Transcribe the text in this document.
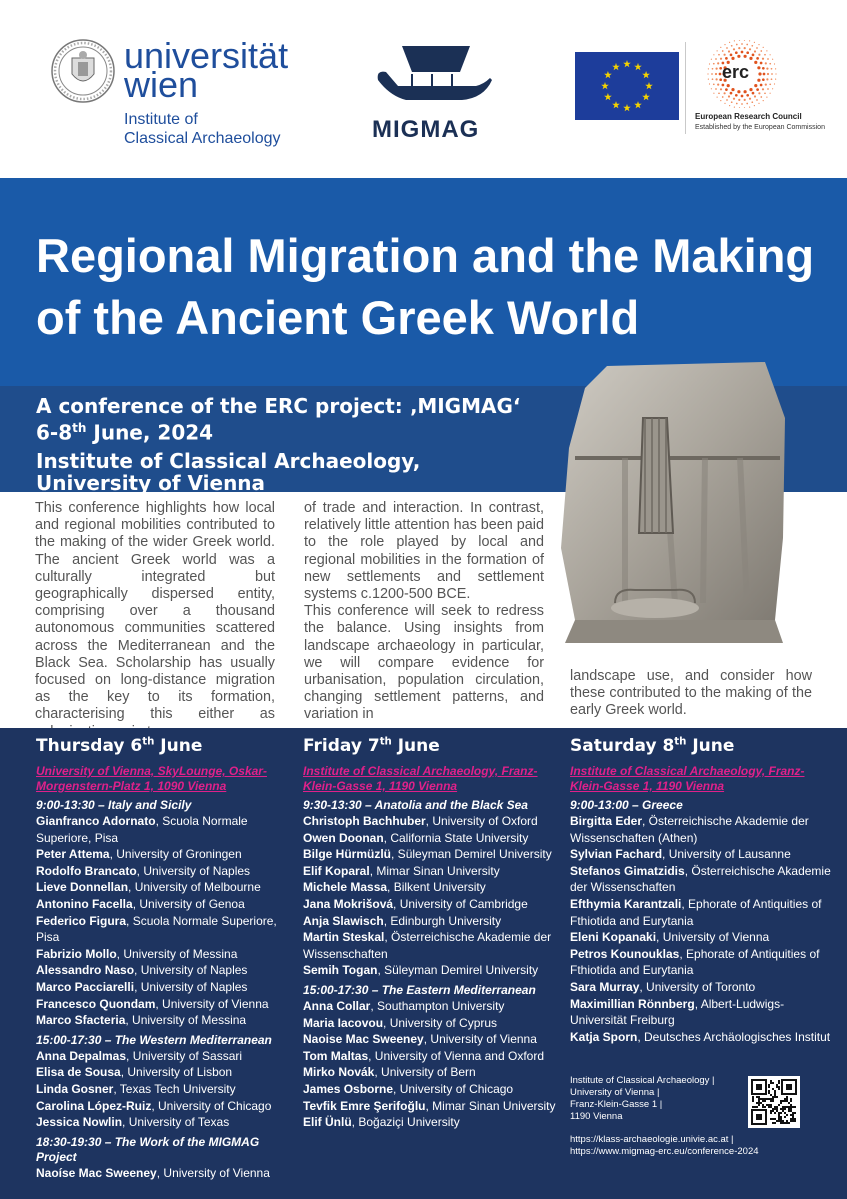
universität
wien
Institute of
Classical Archaeology	MIGMAG
erc
European Research Council
Established by the European Commission
Regional Migration and the Making
of the Ancient Greek World
A conference of the ERC project: ‚MIGMAG‘
6-8th June, 2024
Institute of Classical Archaeology,
University of Vienna

This conference highlights how local and regional mobilities contributed to the making of the wider Greek world. The ancient Greek world was a culturally integrated but geographically dispersed entity, comprising over a thousand autonomous communities scattered across the Mediterranean and the Black Sea. Scholarship has usually focused on long-distance migration as the key to its formation, characterising this either as

of trade and interaction. In contrast, relatively little attention has been paid to the role played by local and regional mobilities in the formation of new settlements and settlement systems c.1200-500 BCE.

This conference will seek to redress the balance. Using insights from landscape archaeology in particular, we will compare evidence for urbanisation, population circulation, changing settlement patterns, and variation in

landscape use, and consider how these contributed to the making of the early Greek world.

Thursday 6th June
University of Vienna, SkyLounge, Oskar-Morgenstern-Platz 1, 1090 Vienna
9:00-13:30 – Italy and Sicily
Gianfranco Adornato, Scuola Normale Superiore, Pisa
Peter Attema, University of Groningen
Rodolfo Brancato, University of Naples
Lieve Donnellan, University of Melbourne
Antonino Facella, University of Genoa
Federico Figura, Scuola Normale Superiore, Pisa
Fabrizio Mollo, University of Messina
Alessandro Naso, University of Naples
Marco Pacciarelli, University of Naples
Francesco Quondam, University of Vienna
Marco Sfacteria, University of Messina
15:00-17:30 – The Western Mediterranean
Anna Depalmas, University of Sassari
Elisa de Sousa, University of Lisbon
Linda Gosner, Texas Tech University
Carolina López-Ruiz, University of Chicago
Jessica Nowlin, University of Texas
18:30-19:30 – The Work of the MIGMAG Project
Naoíse Mac Sweeney, University of Vienna
Friday 7th June
Institute of Classical Archaeology, Franz-Klein-Gasse 1, 1190 Vienna
9:30-13:30 – Anatolia and the Black Sea
Christoph Bachhuber, University of Oxford
Owen Doonan, California State University
Bilge Hürmüzlü, Süleyman Demirel University
Elif Koparal, Mimar Sinan University
Michele Massa, Bilkent University
Jana Mokrišová, University of Cambridge
Anja Slawisch, Edinburgh University
Martin Steskal, Österreichische Akademie der Wissenschaften
Semih Togan, Süleyman Demirel University
15:00-17:30 – The Eastern Mediterranean
Anna Collar, Southampton University
Maria Iacovou, University of Cyprus
Naoise Mac Sweeney, University of Vienna
Tom Maltas, University of Vienna and Oxford
Mirko Novák, University of Bern
James Osborne, University of Chicago
Tevfik Emre Şerifoğlu, Mimar Sinan University
Elif Ünlü, Boğaziçi University
Saturday 8th June
Institute of Classical Archaeology, Franz-Klein-Gasse 1, 1190 Vienna
9:00-13:00 – Greece
Birgitta Eder, Österreichische Akademie der Wissenschaften (Athen)
Sylvian Fachard, University of Lausanne
Stefanos Gimatzidis, Österreichische Akademie der Wissenschaften
Efthymia Karantzali, Ephorate of Antiquities of Fthiotida and Eurytania
Eleni Kopanaki, University of Vienna
Petros Kounouklas, Ephorate of Antiquities of Fthiotida and Eurytania
Sara Murray, University of Toronto
Maximillian Rönnberg, Albert-Ludwigs-Universität Freiburg
Katja Sporn, Deutsches Archäologisches Institut
Institute of Classical Archaeology |
University of Vienna |
Franz-Klein-Gasse 1 |
1190 Vienna
https://klass-archaeologie.univie.ac.at |
https://www.migmag-erc.eu/conference-2024
